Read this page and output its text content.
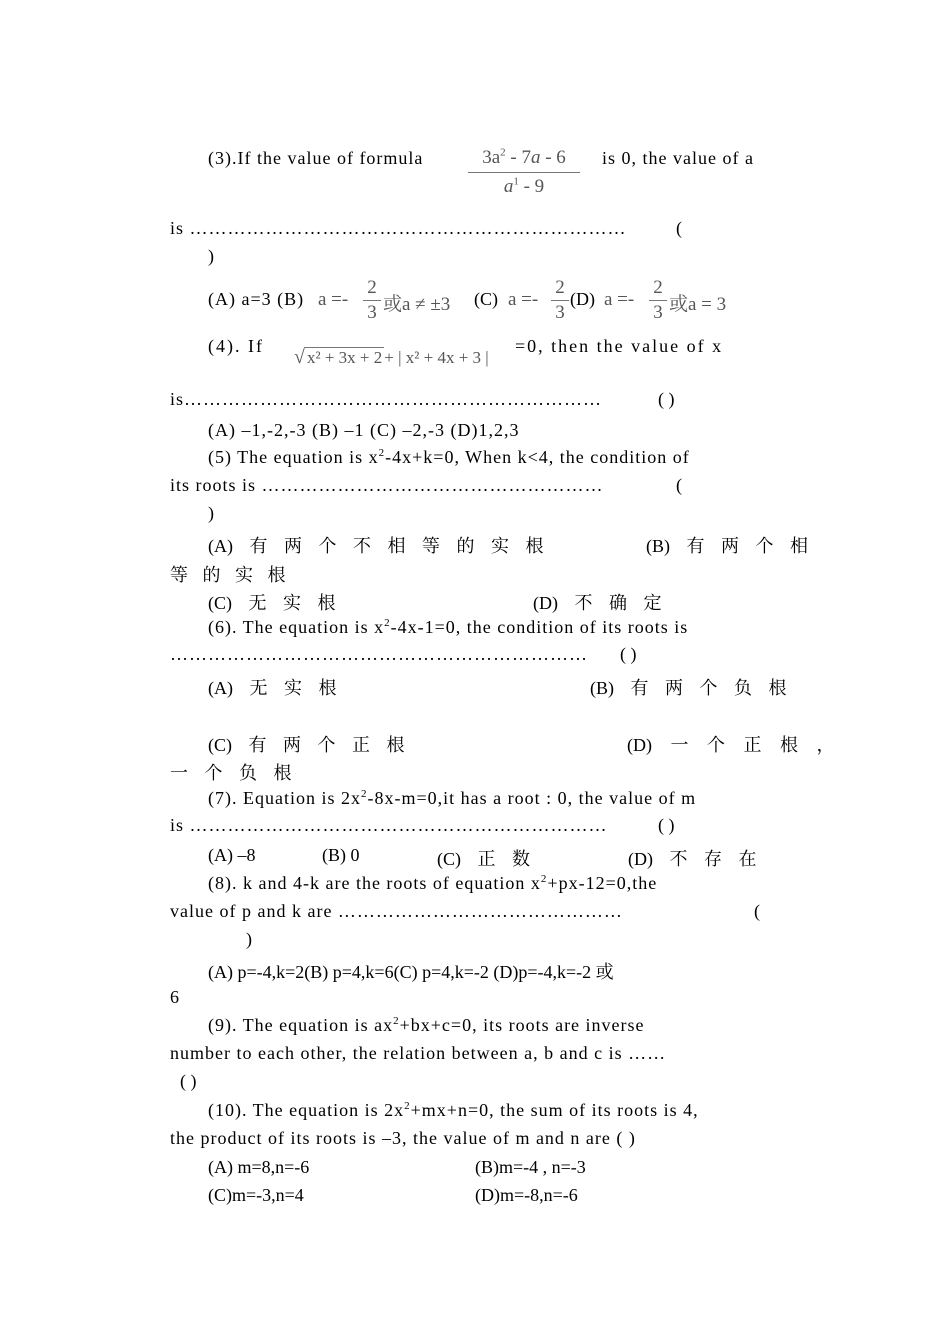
(3).If the value of formula	$3a^2 - 7a - 6$
$a^1 - 9$
is 0, the value of a
is ……………………………………………………………	(
)
(A) a=3 (B) a =-
2
3 或a ≠ ±3 (C) a =-
2
3
(D) a =-
2
3 或a = 3
(4). If √ x² + 3x + 2 + | x² + 4x + 3 |
=0, then the value of x
is…………………………………………………………	( )
(A) –1,-2,-3 (B) –1 (C) –2,-3 (D)1,2,3
(5) The equation is $x^2-4x+k=0$, When k<4, the condition of
its roots is ………………………………………………	(
)
(A) 有 两 个 不 相 等 的 实 根	(B) 有 两 个 相
等 的 实 根
(C) 无 实 根	(D) 不 确 定
(6). The equation is $x^2-4x-1=0$, the condition of its roots is
………………………………………………………… ( )
(A) 无 实 根	(B) 有 两 个 负 根
(C) 有 两 个 正 根	(D) 一 个 正 根 ，
一 个 负 根
(7). Equation is $2x^2-8x-m=0,it$ has a root : 0, the value of m
is …………………………………………………………	( )
(A) –8	(B) 0	(C) 正 数	(D) 不 存 在
(8). k and 4-k are the roots of equation $x^2+px-12=0,the$
value of p and k are ………………………………………	(
)
(A) p=-4,k=2(B) p=4,k=6(C) p=4,k=-2 (D)p=-4,k=-2 或
6
(9). The equation is $ax^2+bx+c=0$, its roots are inverse
number to each other, the relation between a, b and c is ……
( )
(10). The equation is $2x^2+mx+n=0$, the sum of its roots is 4,
the product of its roots is –3, the value of m and n are ( )
(A) m=8,n=-6	(B)m=-4 , n=-3
(C)m=-3,n=4	(D)m=-8,n=-6
